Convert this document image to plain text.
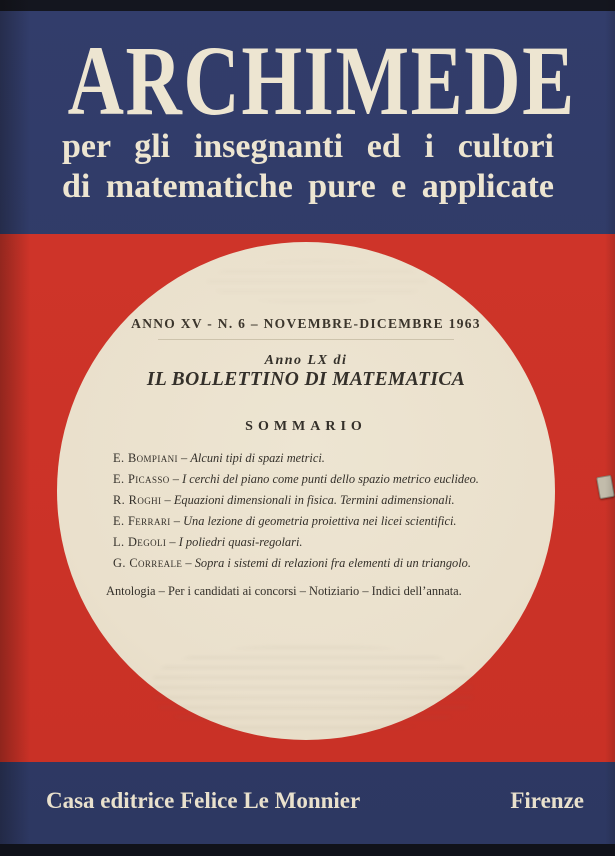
ARCHIMEDE
per gli insegnanti ed i cultori
di matematiche pure e applicate
ANNO XV - N. 6 – NOVEMBRE-DICEMBRE 1963
Anno LX di
IL BOLLETTINO DI MATEMATICA
SOMMARIO
E. Bompiani – Alcuni tipi di spazi metrici.
E. Picasso – I cerchi del piano come punti dello spazio metrico euclideo.
R. Roghi – Equazioni dimensionali in fisica. Termini adimensionali.
E. Ferrari – Una lezione di geometria proiettiva nei licei scientifici.
L. Degoli – I poliedri quasi-regolari.
G. Correale – Sopra i sistemi di relazioni fra elementi di un triangolo.
Antologia – Per i candidati ai concorsi – Notiziario – Indici dell’annata.
Casa editrice Felice Le Monnier	Firenze
